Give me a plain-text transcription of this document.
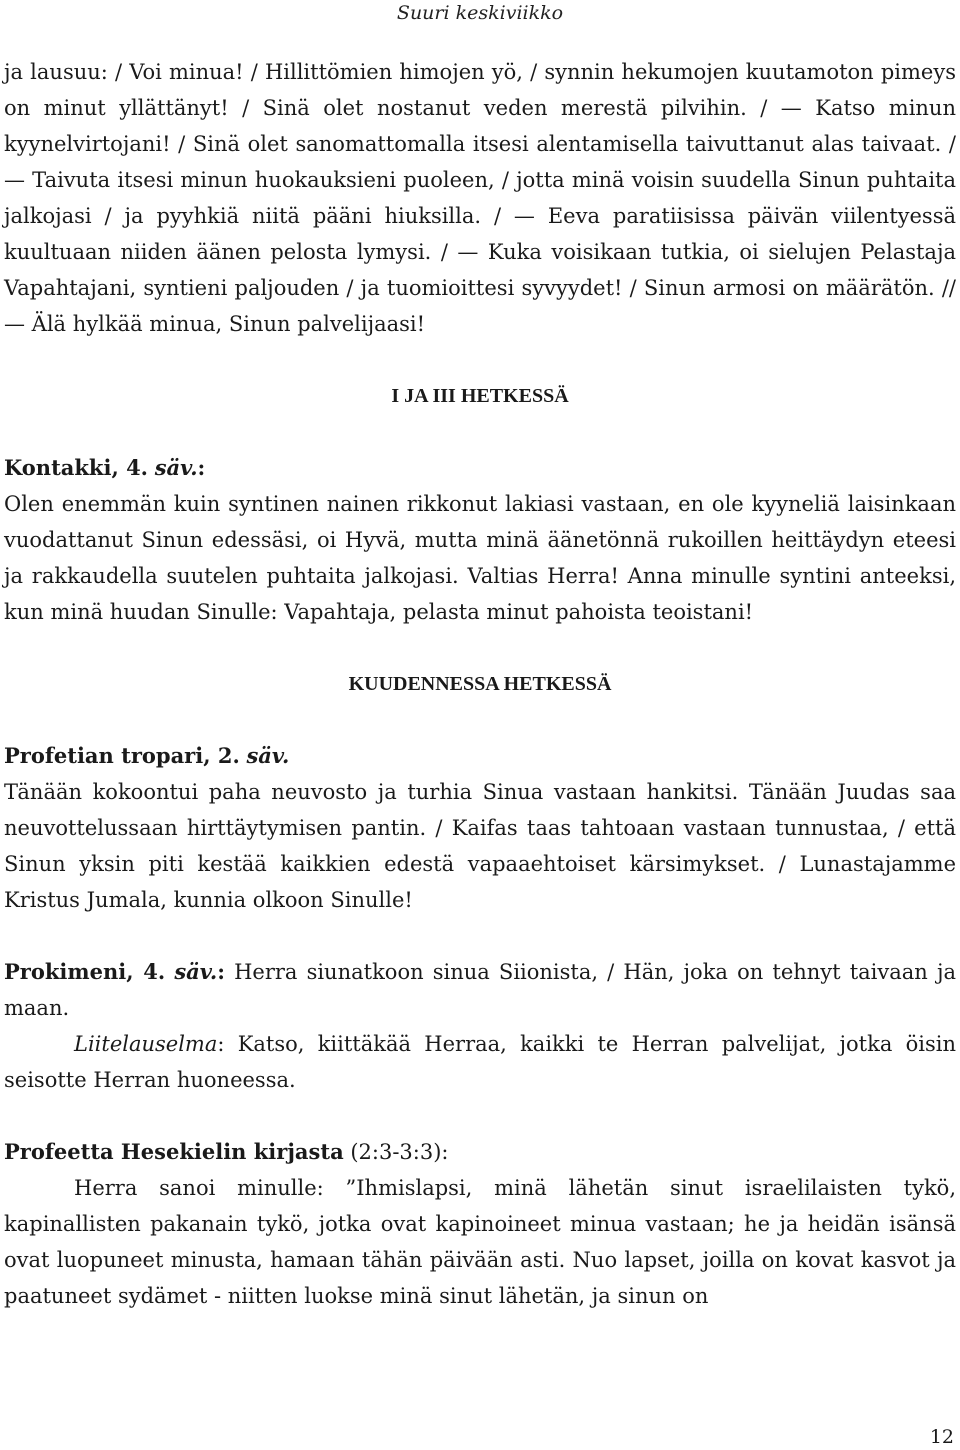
Suuri keskiviikko

ja lausuu: / Voi minua! / Hillittömien himojen yö, / synnin hekumojen kuutamoton pimeys on minut yllättänyt! / Sinä olet nostanut veden merestä pilvihin. / — Katso minun kyynelvirtojani! / Sinä olet sanomattomalla itsesi alentamisella taivuttanut alas taivaat. / — Taivuta itsesi minun huokauksieni puoleen, / jotta minä voisin suudella Sinun puhtaita jalkojasi / ja pyyhkiä niitä pääni hiuksilla. / — Eeva paratiisissa päivän viilentyessä kuultuaan niiden äänen pelosta lymysi. / — Kuka voisikaan tutkia, oi sielujen Pelastaja Vapahtajani, syntieni paljouden / ja tuomioittesi syvyydet! / Sinun armosi on määrätön. // — Älä hylkää minua, Sinun palvelijaasi!

I JA III HETKESSÄ

Kontakki, 4. säv.:

Olen enemmän kuin syntinen nainen rikkonut lakiasi vastaan, en ole kyyneliä laisinkaan vuodattanut Sinun edessäsi, oi Hyvä, mutta minä äänetönnä rukoillen heittäydyn eteesi ja rakkaudella suutelen puhtaita jalkojasi. Valtias Herra! Anna minulle syntini anteeksi, kun minä huudan Sinulle: Vapahtaja, pelasta minut pahoista teoistani!

KUUDENNESSA HETKESSÄ

Profetian tropari, 2. säv.

Tänään kokoontui paha neuvosto ja turhia Sinua vastaan hankitsi. Tänään Juudas saa neuvottelussaan hirttäytymisen pantin. / Kaifas taas tahtoaan vastaan tunnustaa, / että Sinun yksin piti kestää kaikkien edestä vapaaehtoiset kärsimykset. / Lunastajamme Kristus Jumala, kunnia olkoon Sinulle!

Prokimeni, 4. säv.: Herra siunatkoon sinua Siionista, / Hän, joka on tehnyt taivaan ja maan.

Liitelauselma: Katso, kiittäkää Herraa, kaikki te Herran palvelijat, jotka öisin seisotte Herran huoneessa.

Profeetta Hesekielin kirjasta (2:3-3:3):

Herra sanoi minulle: ”Ihmislapsi, minä lähetän sinut israelilaisten tykö, kapinallisten pakanain tykö, jotka ovat kapinoineet minua vastaan; he ja heidän isänsä ovat luopuneet minusta, hamaan tähän päivään asti. Nuo lapset, joilla on kovat kasvot ja paatuneet sydämet - niitten luokse minä sinut lähetän, ja sinun on

12
